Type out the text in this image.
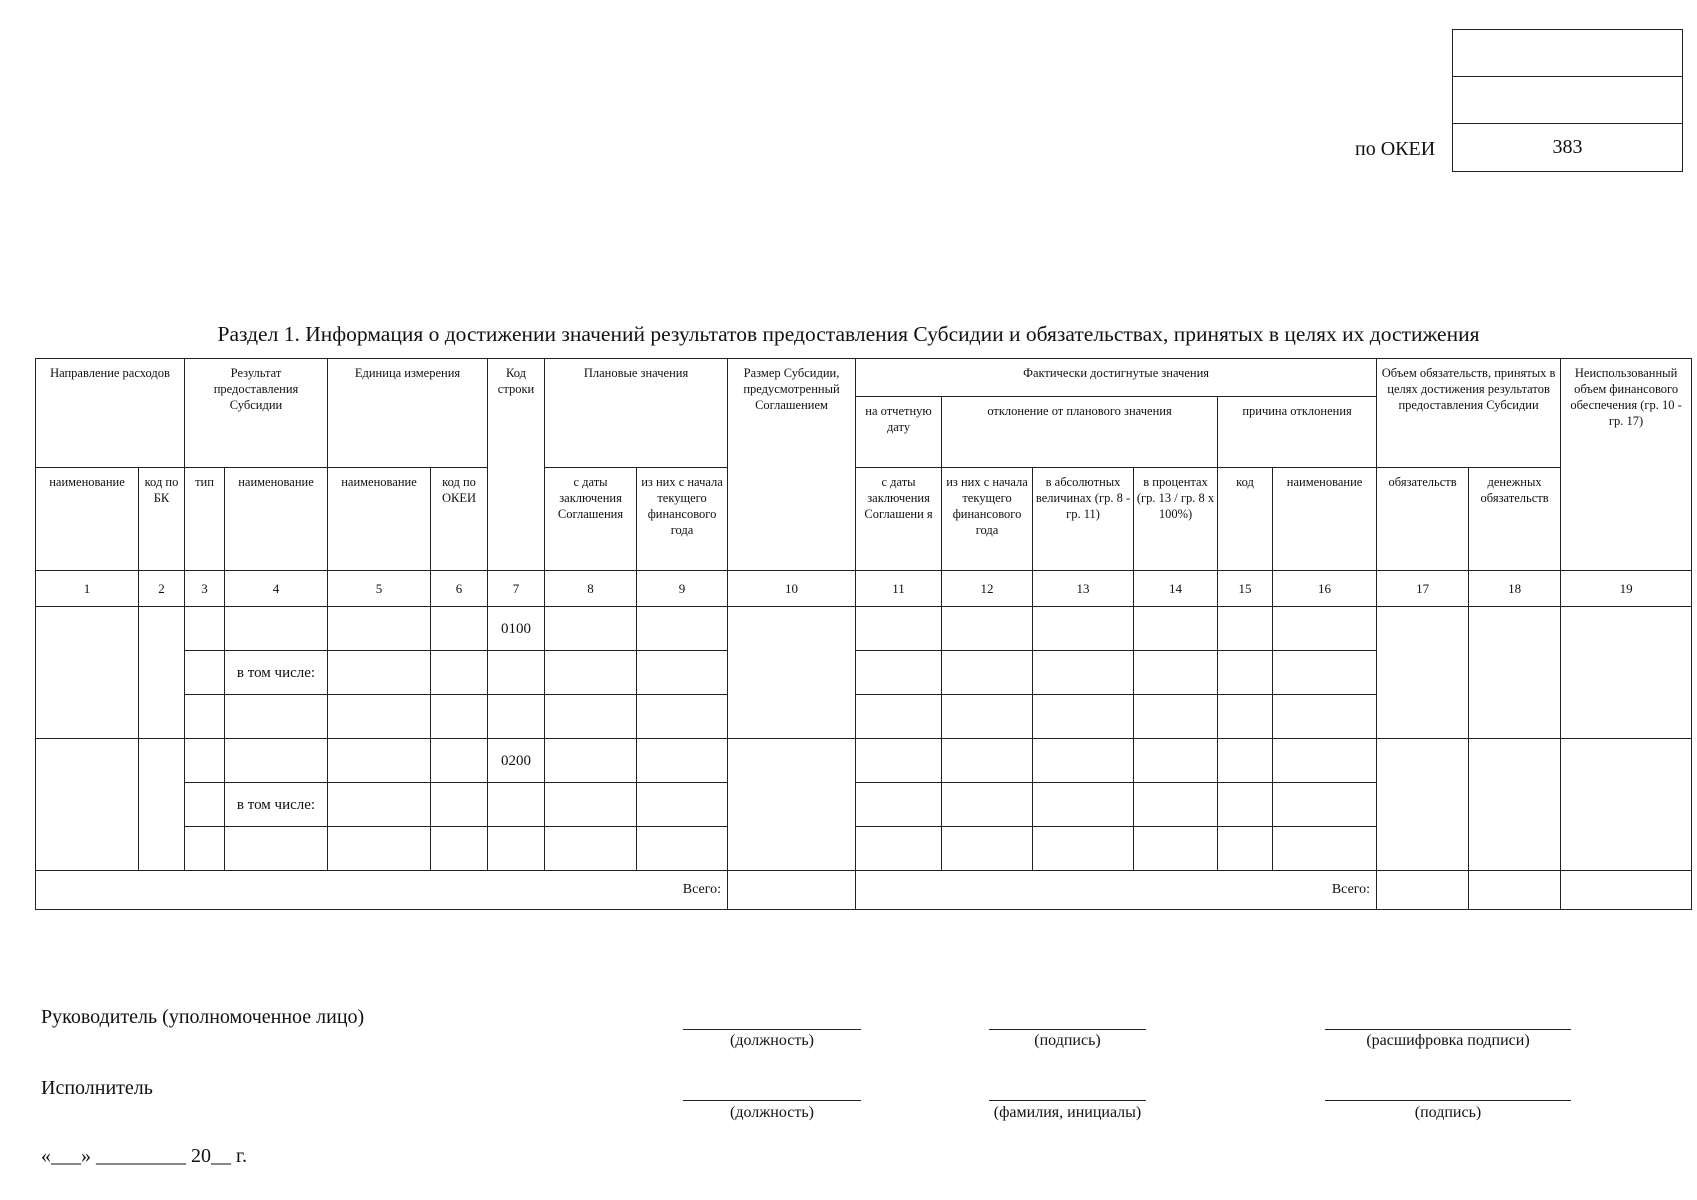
383
по ОКЕИ
Раздел 1. Информация о достижении значений результатов предоставления Субсидии и обязательствах, принятых в целях их достижения
Направление расходов		Результат предоставления Субсидии		Единица измерения		Код строки	Плановые значения		Размер Субсидии, предусмотренный Соглашением	Фактически достигнутые значения						Объем обязательств, принятых в целях достижения результатов предоставления Субсидии		Неиспользованный объем финансового обеспечения (гр. 10 - гр. 17)
										на отчетную дату	отклонение от планового значения			причина отклонения				
наименование	код по БК	тип	наименование	наименование	код по ОКЕИ		с даты заключения Соглашения	из них с начала текущего финансового года		с даты заключения Соглашени я	из них с начала текущего финансового года	в абсолютных величинах (гр. 8 - гр. 11)	в процентах (гр. 13 / гр. 8 х 100%)	код	наименование	обязательств	денежных обязательств	
1	2	3	4	5	6	7	8	9	10	11	12	13	14	15	16	17	18	19
						0100												
			в том числе:															

						0200												
			в том числе:															

Всего:										Всего:								
Руководитель (уполномоченное лицо)
(должность)	(подпись)	(расшифровка подписи)
Исполнитель
(должность)	(фамилия, инициалы)	(подпись)
«___» _________ 20__ г.
